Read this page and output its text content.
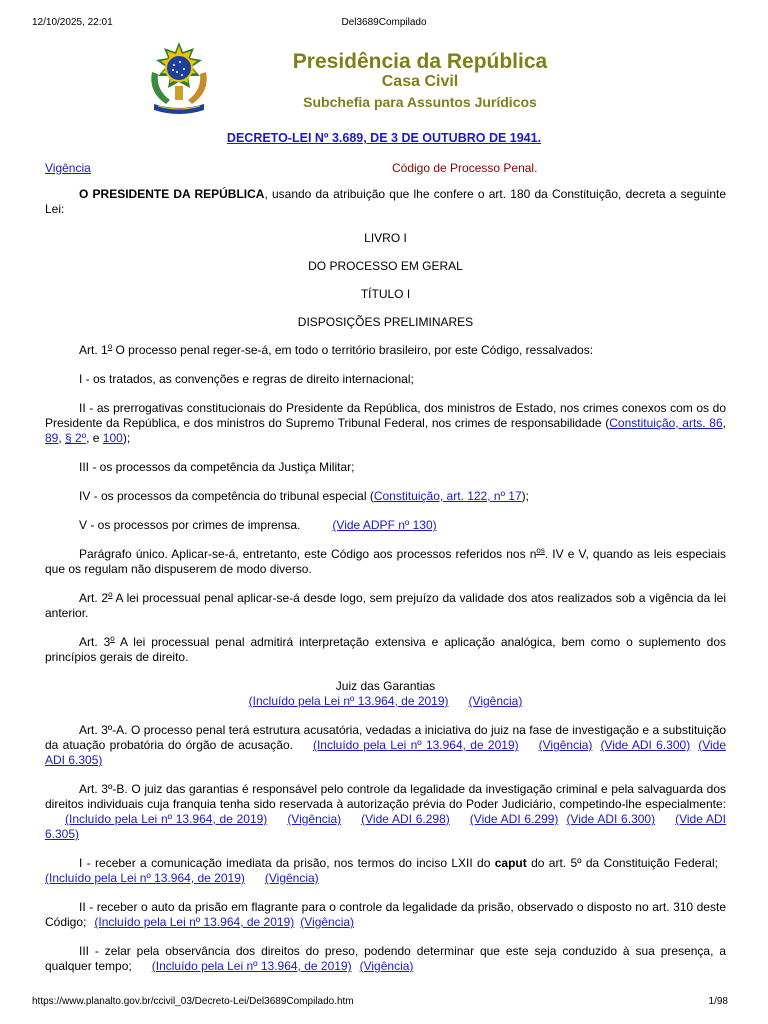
12/10/2025, 22:01	Del3689Compilado
Presidência da República
Casa Civil
Subchefia para Assuntos Jurídicos
DECRETO-LEI Nº 3.689, DE 3 DE OUTUBRO DE 1941.
Vigência	Código de Processo Penal.

O PRESIDENTE DA REPÚBLICA, usando da atribuição que lhe confere o art. 180 da Constituição, decreta a seguinte Lei:

LIVRO I

DO PROCESSO EM GERAL

TÍTULO I

DISPOSIÇÕES PRELIMINARES

Art. 1$^o$ O processo penal reger-se-á, em todo o território brasileiro, por este Código, ressalvados:

I - os tratados, as convenções e regras de direito internacional;

II - as prerrogativas constitucionais do Presidente da República, dos ministros de Estado, nos crimes conexos com os do Presidente da República, e dos ministros do Supremo Tribunal Federal, nos crimes de responsabilidade (Constituição, arts. 86, 89, § 2º, e 100);

III - os processos da competência da Justiça Militar;

IV - os processos da competência do tribunal especial (Constituição, art. 122, nº 17);

V - os processos por crimes de imprensa.	(Vide ADPF nº 130)

Parágrafo único. Aplicar-se-á, entretanto, este Código aos processos referidos nos $n^{os}$. IV e V, quando as leis especiais que os regulam não dispuserem de modo diverso.

Art. 2$^o$ A lei processual penal aplicar-se-á desde logo, sem prejuízo da validade dos atos realizados sob a vigência da lei anterior.

Art. 3$^o$ A lei processual penal admitirá interpretação extensiva e aplicação analógica, bem como o suplemento dos princípios gerais de direito.

Juiz das Garantias
(Incluído pela Lei nº 13.964, de 2019) (Vigência)

Art. 3º-A. O processo penal terá estrutura acusatória, vedadas a iniciativa do juiz na fase de investigação e a substituição da atuação probatória do órgão de acusação. (Incluído pela Lei nº 13.964, de 2019) (Vigência) (Vide ADI 6.300) (Vide ADI 6.305)

Art. 3º-B. O juiz das garantias é responsável pelo controle da legalidade da investigação criminal e pela salvaguarda dos direitos individuais cuja franquia tenha sido reservada à autorização prévia do Poder Judiciário, competindo-lhe especialmente:(Incluído pela Lei nº 13.964, de 2019) (Vigência) (Vide ADI 6.298) (Vide ADI 6.299) (Vide ADI 6.300) (Vide ADI 6.305)

I - receber a comunicação imediata da prisão, nos termos do inciso LXII do caput do art. 5º da Constituição Federal;(Incluído pela Lei nº 13.964, de 2019) (Vigência)

II - receber o auto da prisão em flagrante para o controle da legalidade da prisão, observado o disposto no art. 310 deste Código; (Incluído pela Lei nº 13.964, de 2019) (Vigência)

III - zelar pela observância dos direitos do preso, podendo determinar que este seja conduzido à sua presença, a qualquer tempo; (Incluído pela Lei nº 13.964, de 2019) (Vigência)

https://www.planalto.gov.br/ccivil_03/Decreto-Lei/Del3689Compilado.htm	1/98
